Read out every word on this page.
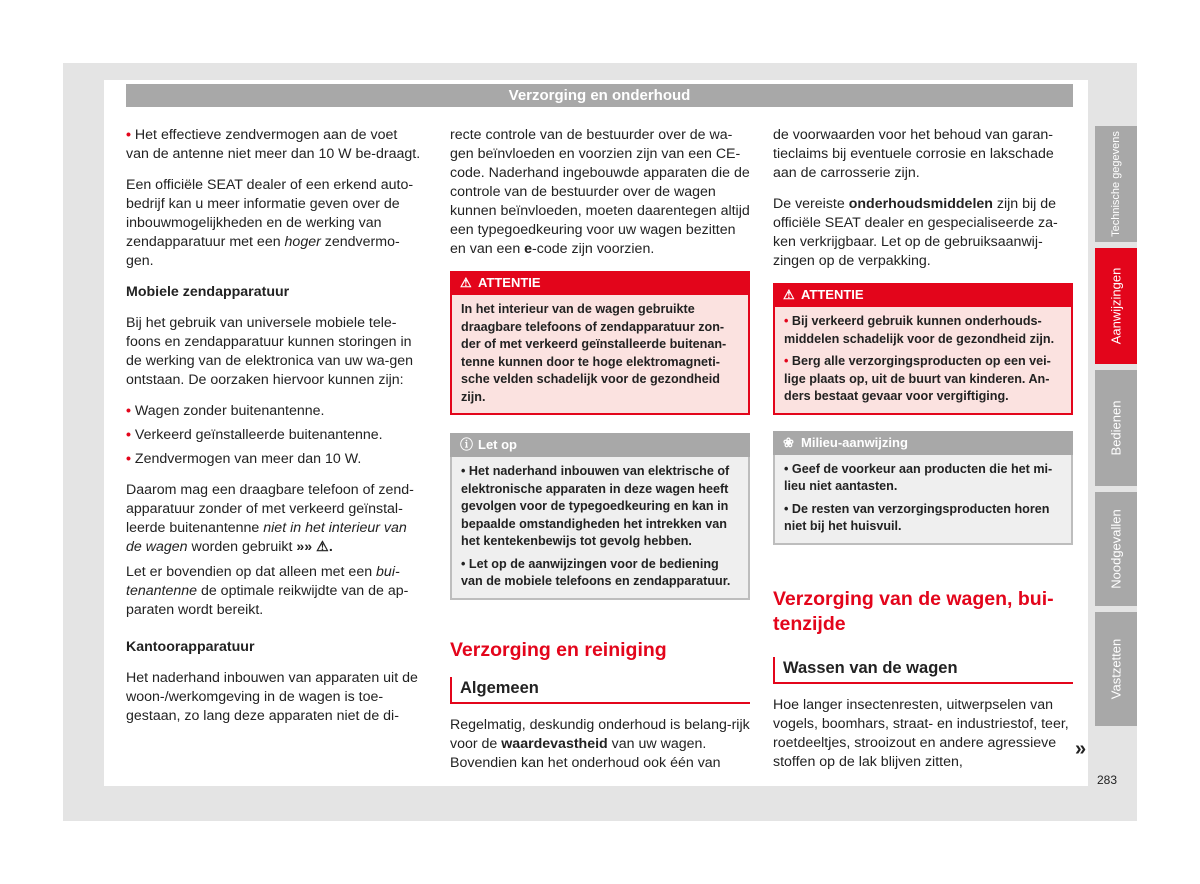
Verzorging en onderhoud

• Het effectieve zendvermogen aan de voet van de antenne niet meer dan 10 W be-draagt.

Een officiële SEAT dealer of een erkend auto-bedrijf kan u meer informatie geven over de inbouwmogelijkheden en de werking van zendapparatuur met een hoger zendvermo-gen.

Mobiele zendapparatuur

Bij het gebruik van universele mobiele tele-foons en zendapparatuur kunnen storingen in de werking van de elektronica van uw wa-gen ontstaan. De oorzaken hiervoor kunnen zijn:

• Wagen zonder buitenantenne.

• Verkeerd geïnstalleerde buitenantenne.

• Zendvermogen van meer dan 10 W.

Daarom mag een draagbare telefoon of zend-apparatuur zonder of met verkeerd geïnstal-leerde buitenantenne niet in het interieur van de wagen worden gebruikt »» ⚠.

Let er bovendien op dat alleen met een bui-tenantenne de optimale reikwijdte van de ap-paraten wordt bereikt.

Kantoorapparatuur

Het naderhand inbouwen van apparaten uit de woon-/werkomgeving in de wagen is toe-gestaan, zo lang deze apparaten niet de di-

recte controle van de bestuurder over de wa-gen beïnvloeden en voorzien zijn van een CE-code. Naderhand ingebouwde apparaten die de controle van de bestuurder over de wagen kunnen beïnvloeden, moeten daarentegen altijd een typegoedkeuring voor uw wagen bezitten en van een e-code zijn voorzien.

⚠ ATTENTIE

In het interieur van de wagen gebruikte draagbare telefoons of zendapparatuur zon-der of met verkeerd geïnstalleerde buitenan-tenne kunnen door te hoge elektromagneti-sche velden schadelijk voor de gezondheid zijn.

ⓘ Let op

• Het naderhand inbouwen van elektrische of elektronische apparaten in deze wagen heeft gevolgen voor de typegoedkeuring en kan in bepaalde omstandigheden het intrekken van het kentekenbewijs tot gevolg hebben.

• Let op de aanwijzingen voor de bediening van de mobiele telefoons en zendapparatuur.

Verzorging en reiniging
Algemeen

Regelmatig, deskundig onderhoud is belang-rijk voor de waardevastheid van uw wagen. Bovendien kan het onderhoud ook één van

de voorwaarden voor het behoud van garan-tieclaims bij eventuele corrosie en lakschade aan de carrosserie zijn.

De vereiste onderhoudsmiddelen zijn bij de officiële SEAT dealer en gespecialiseerde za-ken verkrijgbaar. Let op de gebruiksaanwij-zingen op de verpakking.

⚠ ATTENTIE

• Bij verkeerd gebruik kunnen onderhouds-middelen schadelijk voor de gezondheid zijn.

• Berg alle verzorgingsproducten op een vei-lige plaats op, uit de buurt van kinderen. An-ders bestaat gevaar voor vergiftiging.

❀ Milieu-aanwijzing

• Geef de voorkeur aan producten die het mi-lieu niet aantasten.

• De resten van verzorgingsproducten horen niet bij het huisvuil.

Verzorging van de wagen, bui-tenzijde
Wassen van de wagen

Hoe langer insectenresten, uitwerpselen van vogels, boomhars, straat- en industriestof, teer, roetdeeltjes, strooizout en andere agressieve stoffen op de lak blijven zitten,

Technische gegevens
Aanwijzingen
Bedienen
Noodgevallen
Vastzetten
»
283
